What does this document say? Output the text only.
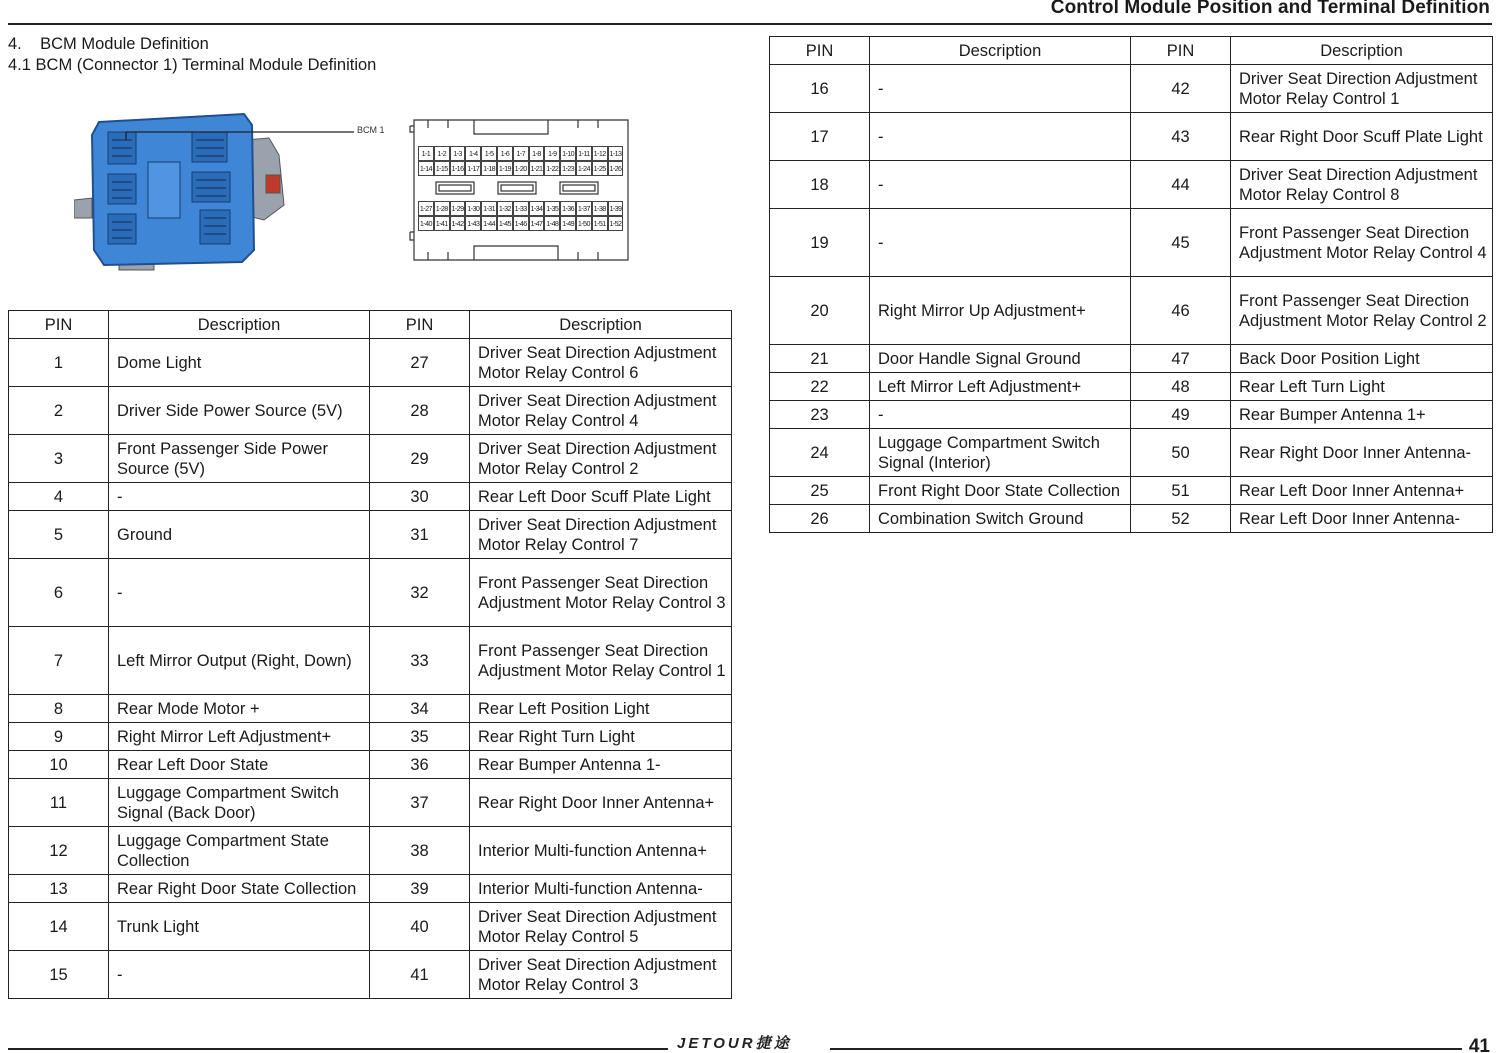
Control Module Position and Terminal Definition
4.    BCM Module Definition
4.1 BCM (Connector 1) Terminal Module Definition
BCM 1
1-1	1-2	1-3	1-4	1-5	1-6	1-7	1-8	1-9 1-10 1-11 1-12 1-13
1-14 1-15 1-16 1-17 1-18 1-19 1-20 1-21 1-22 1-23 1-24 1-25 1-26
1-27 1-28 1-29 1-30 1-31 1-32 1-33 1-34 1-35 1-36 1-37 1-38 1-39
1-40 1-41 1-42 1-43 1-44 1-45 1-46 1-47 1-48 1-49 1-50 1-51 1-52
PIN	Description	PIN	Description
1	Dome Light	27	Driver Seat Direction Adjustment Motor Relay Control 6
2	Driver Side Power Source (5V)	28	Driver Seat Direction Adjustment Motor Relay Control 4
3	Front Passenger Side Power Source (5V)	29	Driver Seat Direction Adjustment Motor Relay Control 2
4	-	30	Rear Left Door Scuff Plate Light
5	Ground	31	Driver Seat Direction Adjustment Motor Relay Control 7
6	-	32	Front Passenger Seat Direction Adjustment Motor Relay Control 3
7	Left Mirror Output (Right, Down)	33	Front Passenger Seat Direction Adjustment Motor Relay Control 1
8	Rear Mode Motor +	34	Rear Left Position Light
9	Right Mirror Left Adjustment+	35	Rear Right Turn Light
10	Rear Left Door State	36	Rear Bumper Antenna 1-
11	Luggage Compartment Switch Signal (Back Door)	37	Rear Right Door Inner Antenna+
12	Luggage Compartment State Collection	38	Interior Multi-function Antenna+
13	Rear Right Door State Collection	39	Interior Multi-function Antenna-
14	Trunk Light	40	Driver Seat Direction Adjustment Motor Relay Control 5
15	-	41	Driver Seat Direction Adjustment Motor Relay Control 3
PIN	Description	PIN	Description
16	-	42	Driver Seat Direction Adjustment Motor Relay Control 1
17	-	43	Rear Right Door Scuff Plate Light
18	-	44	Driver Seat Direction Adjustment Motor Relay Control 8
19	-	45	Front Passenger Seat Direction Adjustment Motor Relay Control 4
20	Right Mirror Up Adjustment+	46	Front Passenger Seat Direction Adjustment Motor Relay Control 2
21	Door Handle Signal Ground	47	Back Door Position Light
22	Left Mirror Left Adjustment+	48	Rear Left Turn Light
23	-	49	Rear Bumper Antenna 1+
24	Luggage Compartment Switch Signal (Interior)	50	Rear Right Door Inner Antenna-
25	Front Right Door State Collection	51	Rear Left Door Inner Antenna+
26	Combination Switch Ground	52	Rear Left Door Inner Antenna-
JETOUR捷途	41
